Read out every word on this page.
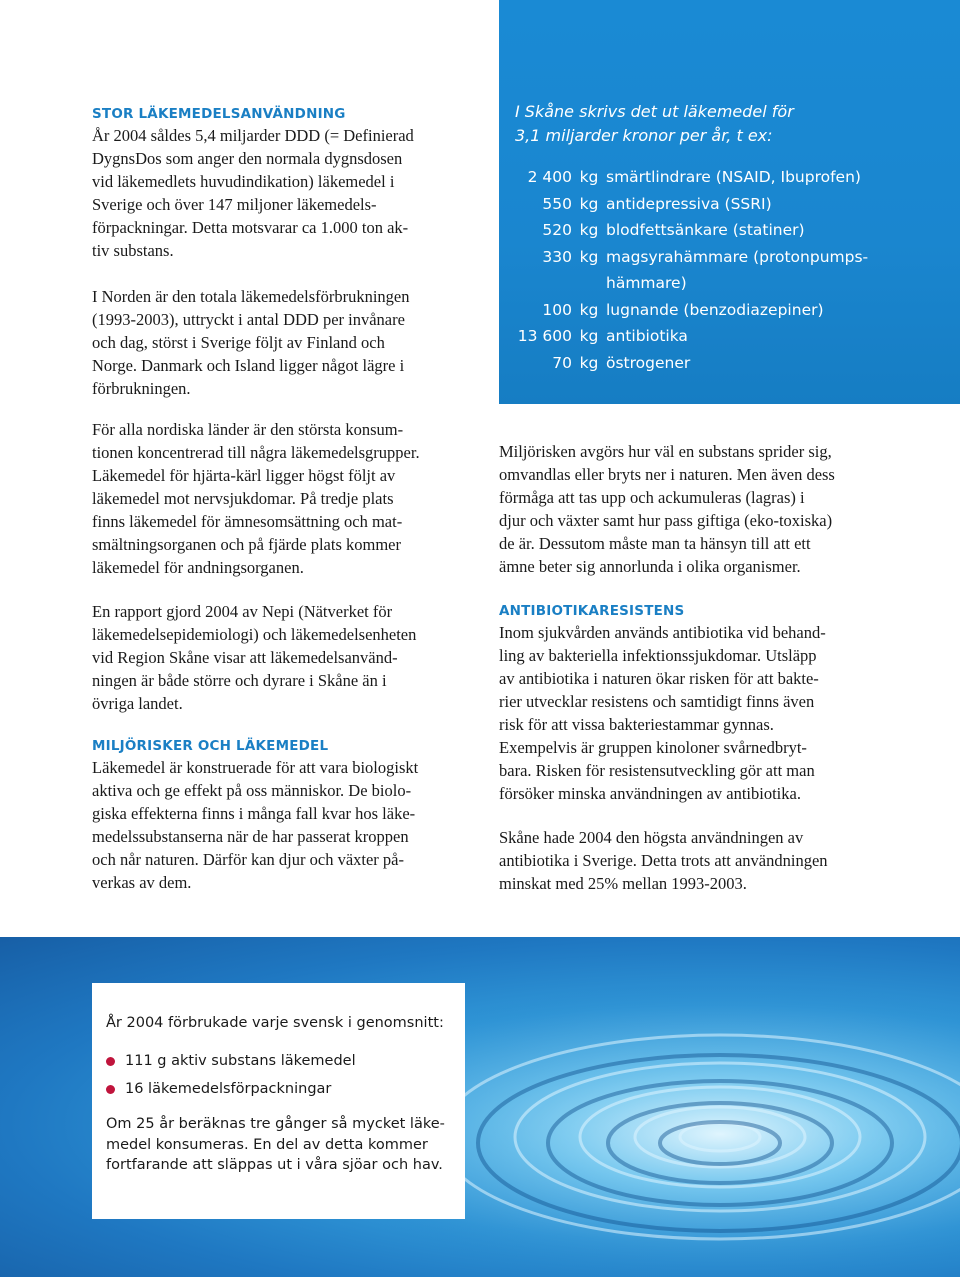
STOR LÄKEMEDELSANVÄNDNING

År 2004 såldes 5,4 miljarder DDD (= Definierad
DygnsDos som anger den normala dygnsdosen
vid läkemedlets huvudindikation) läkemedel i
Sverige och över 147 miljoner läkemedels-
förpackningar. Detta motsvarar ca 1.000 ton ak-
tiv substans.

I Norden är den totala läkemedelsförbrukningen
(1993-2003), uttryckt i antal DDD per invånare
och dag, störst i Sverige följt av Finland och
Norge. Danmark och Island ligger något lägre i
förbrukningen.

För alla nordiska länder är den största konsum-
tionen koncentrerad till några läkemedelsgrupper.
Läkemedel för hjärta-kärl ligger högst följt av
läkemedel mot nervsjukdomar. På tredje plats
finns läkemedel för ämnesomsättning och mat-
smältningsorganen och på fjärde plats kommer
läkemedel för andningsorganen.

En rapport gjord 2004 av Nepi (Nätverket för
läkemedelsepidemiologi) och läkemedelsenheten
vid Region Skåne visar att läkemedelsanvänd-
ningen är både större och dyrare i Skåne än i
övriga landet.

MILJÖRISKER OCH LÄKEMEDEL

Läkemedel är konstruerade för att vara biologiskt
aktiva och ge effekt på oss människor. De biolo-
giska effekterna finns i många fall kvar hos läke-
medelssubstanserna när de har passerat kroppen
och når naturen. Därför kan djur och växter på-
verkas av dem.

I Skåne skrivs det ut läkemedel för
3,1 miljarder kronor per år, t ex:

2 400 kg smärtlindrare (NSAID, Ibuprofen)
550 kg antidepressiva (SSRI)
520 kg blodfettsänkare (statiner)
330 kg magsyrahämmare (protonpumps-
hämmare)
100 kg lugnande (benzodiazepiner)
13 600 kg antibiotika
70 kg östrogener

Miljörisken avgörs hur väl en substans sprider sig,
omvandlas eller bryts ner i naturen. Men även dess
förmåga att tas upp och ackumuleras (lagras) i
djur och växter samt hur pass giftiga (eko-toxiska)
de är. Dessutom måste man ta hänsyn till att ett
ämne beter sig annorlunda i olika organismer.

ANTIBIOTIKARESISTENS

Inom sjukvården används antibiotika vid behand-
ling av bakteriella infektionssjukdomar. Utsläpp
av antibiotika i naturen ökar risken för att bakte-
rier utvecklar resistens och samtidigt finns även
risk för att vissa bakteriestammar gynnas.
Exempelvis är gruppen kinoloner svårnedbryt-
bara. Risken för resistensutveckling gör att man
försöker minska användningen av antibiotika.

Skåne hade 2004 den högsta användningen av
antibiotika i Sverige. Detta trots att användningen
minskat med 25% mellan 1993-2003.

År 2004 förbrukade varje svensk i genomsnitt:

111 g aktiv substans läkemedel
16 läkemedelsförpackningar

Om 25 år beräknas tre gånger så mycket läke-
medel konsumeras. En del av detta kommer
fortfarande att släppas ut i våra sjöar och hav.
